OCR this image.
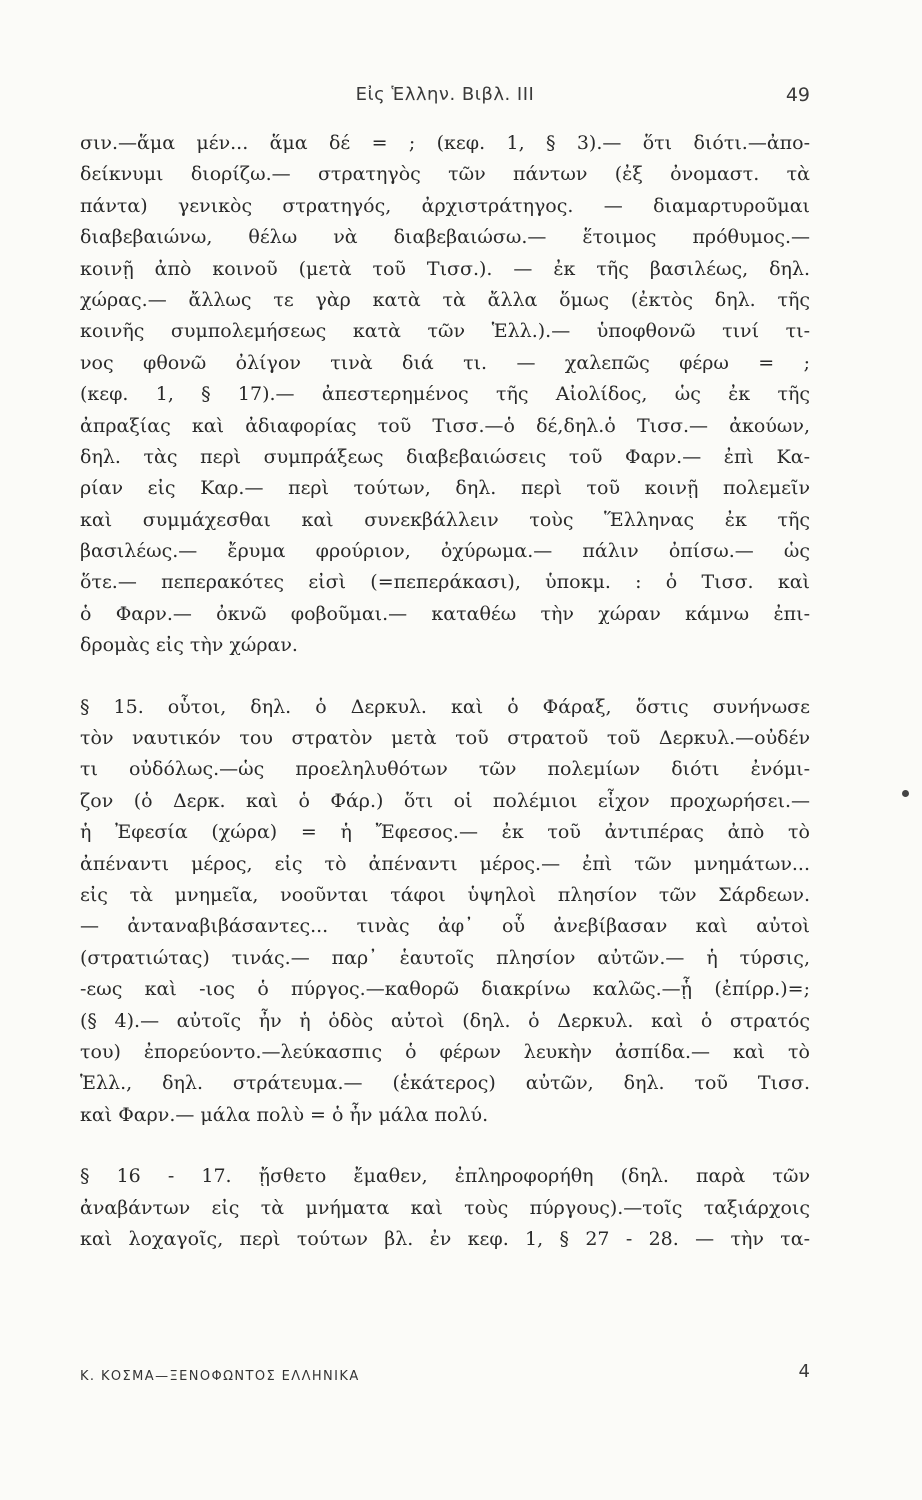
Εἰς Ἑλλην. Βιβλ. III	49
σιν.—ἅμα μέν... ἅμα δέ = ; (κεφ. 1, § 3).— ὅτι διότι.—ἀπο-
δείκνυμι διορίζω.— στρατηγὸς τῶν πάντων (ἐξ ὀνομαστ. τὰ
πάντα) γενικὸς στρατηγός, ἀρχιστράτηγος. — διαμαρτυροῦμαι
διαβεβαιώνω, θέλω νὰ διαβεβαιώσω.— ἕτοιμος πρόθυμος.—
κοινῇ ἀπὸ κοινοῦ (μετὰ τοῦ Τισσ.). — ἐκ τῆς βασιλέως, δηλ.
χώρας.— ἄλλως τε γὰρ κατὰ τὰ ἄλλα ὅμως (ἐκτὸς δηλ. τῆς
κοινῆς συμπολεμήσεως κατὰ τῶν Ἑλλ.).— ὑποφθονῶ τινί τι-
νος φθονῶ ὀλίγον τινὰ διά τι. — χαλεπῶς φέρω = ;
(κεφ. 1, § 17).— ἀπεστερημένος τῆς Αἰολίδος, ὡς ἐκ τῆς
ἀπραξίας καὶ ἀδιαφορίας τοῦ Τισσ.—ὁ δέ,δηλ.ὁ Τισσ.— ἀκούων,
δηλ. τὰς περὶ συμπράξεως διαβεβαιώσεις τοῦ Φαρν.— ἐπὶ Κα-
ρίαν εἰς Καρ.— περὶ τούτων, δηλ. περὶ τοῦ κοινῇ πολεμεῖν
καὶ συμμάχεσθαι καὶ συνεκβάλλειν τοὺς Ἕλληνας ἐκ τῆς
βασιλέως.— ἔρυμα φρούριον, ὀχύρωμα.— πάλιν ὀπίσω.— ὡς
ὅτε.— πεπερακότες εἰσὶ (=πεπεράκασι), ὑποκμ. : ὁ Τισσ. καὶ
ὁ Φαρν.— ὀκνῶ φοβοῦμαι.— καταθέω τὴν χώραν κάμνω ἐπι-
δρομὰς εἰς τὴν χώραν.
§ 15. οὗτοι, δηλ. ὁ Δερκυλ. καὶ ὁ Φάραξ, ὅστις συνήνωσε
τὸν ναυτικόν του στρατὸν μετὰ τοῦ στρατοῦ τοῦ Δερκυλ.—οὐδέν
τι οὐδόλως.—ὡς προεληλυθότων τῶν πολεμίων διότι ἐνόμι-
ζον (ὁ Δερκ. καὶ ὁ Φάρ.) ὅτι οἱ πολέμιοι εἶχον προχωρήσει.—
ἡ Ἐφεσία (χώρα) = ἡ Ἔφεσος.— ἐκ τοῦ ἀντιπέρας ἀπὸ τὸ
ἀπέναντι μέρος, εἰς τὸ ἀπέναντι μέρος.— ἐπὶ τῶν μνημάτων...
εἰς τὰ μνημεῖα, νοοῦνται τάφοι ὑψηλοὶ πλησίον τῶν Σάρδεων.
— ἀνταναβιβάσαντες... τινὰς ἀφ᾽ οὗ ἀνεβίβασαν καὶ αὐτοὶ
(στρατιώτας) τινάς.— παρ᾽ ἑαυτοῖς πλησίον αὐτῶν.— ἡ τύρσις,
-εως καὶ -ιος ὁ πύργος.—καθορῶ διακρίνω καλῶς.—ᾗ (ἐπίρρ.)=;
(§ 4).— αὐτοῖς ἦν ἡ ὁδὸς αὐτοὶ (δηλ. ὁ Δερκυλ. καὶ ὁ στρατός
του) ἐπορεύοντο.—λεύκασπις ὁ φέρων λευκὴν ἀσπίδα.— καὶ τὸ
Ἑλλ., δηλ. στράτευμα.— (ἑκάτερος) αὐτῶν, δηλ. τοῦ Τισσ.
καὶ Φαρν.— μάλα πολὺ = ὁ ἦν μάλα πολύ.
§ 16 - 17. ᾔσθετο ἔμαθεν, ἐπληροφορήθη (δηλ. παρὰ τῶν
ἀναβάντων εἰς τὰ μνήματα καὶ τοὺς πύργους).—τοῖς ταξιάρχοις
καὶ λοχαγοῖς, περὶ τούτων βλ. ἐν κεφ. 1, § 27 - 28. — τὴν τα-
Κ. ΚΟΣΜΑ—ΞΕΝΟΦΩΝΤΟΣ ΕΛΛΗΝΙΚΑ	4
